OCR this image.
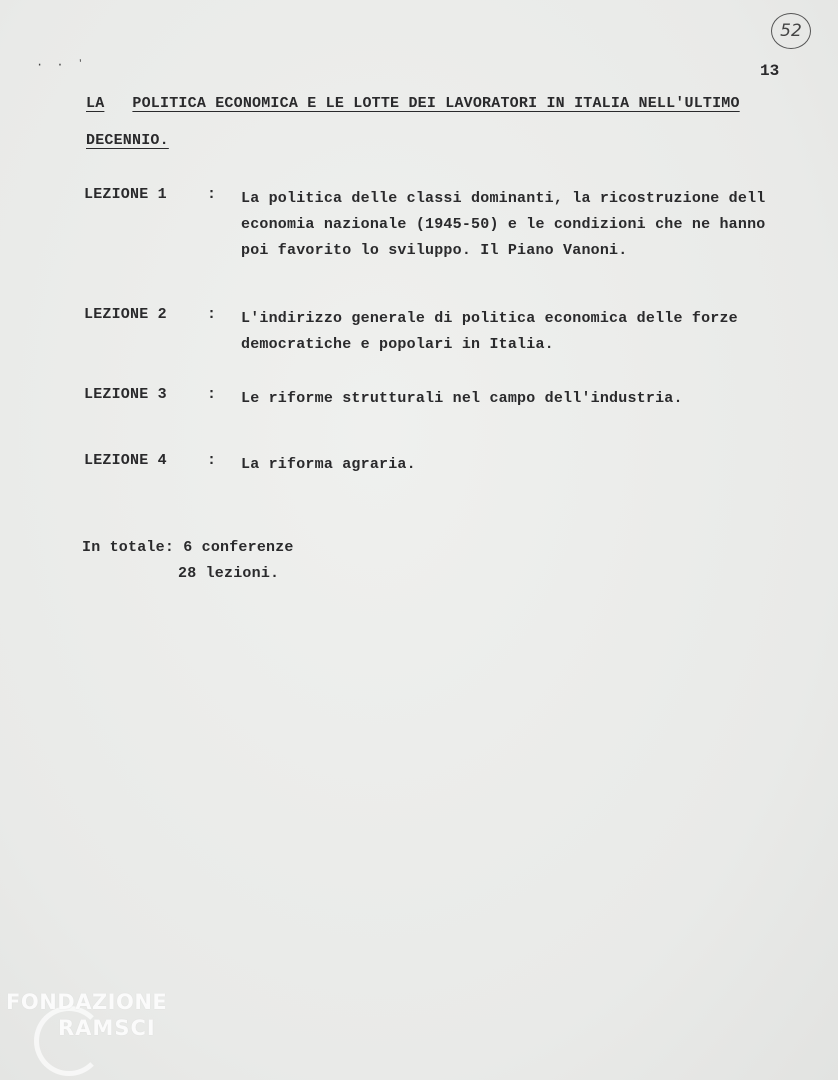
52
· · ʼ	13
LA POLITICA ECONOMICA E LE LOTTE DEI LAVORATORI IN ITALIA NELL'ULTIMO
DECENNIO.
LEZIONE 1	: La politica delle classi dominanti, la ricostruzione dell
economia nazionale (1945-50) e le condizioni che ne hanno
poi favorito lo sviluppo. Il Piano Vanoni.
LEZIONE 2	: L'indirizzo generale di politica economica delle forze
democratiche e popolari in Italia.
LEZIONE 3	: Le riforme strutturali nel campo dell'industria.
LEZIONE 4	: La riforma agraria.
In totale: 6 conferenze
28 lezioni.
FONDAZIONE
RAMSCI
